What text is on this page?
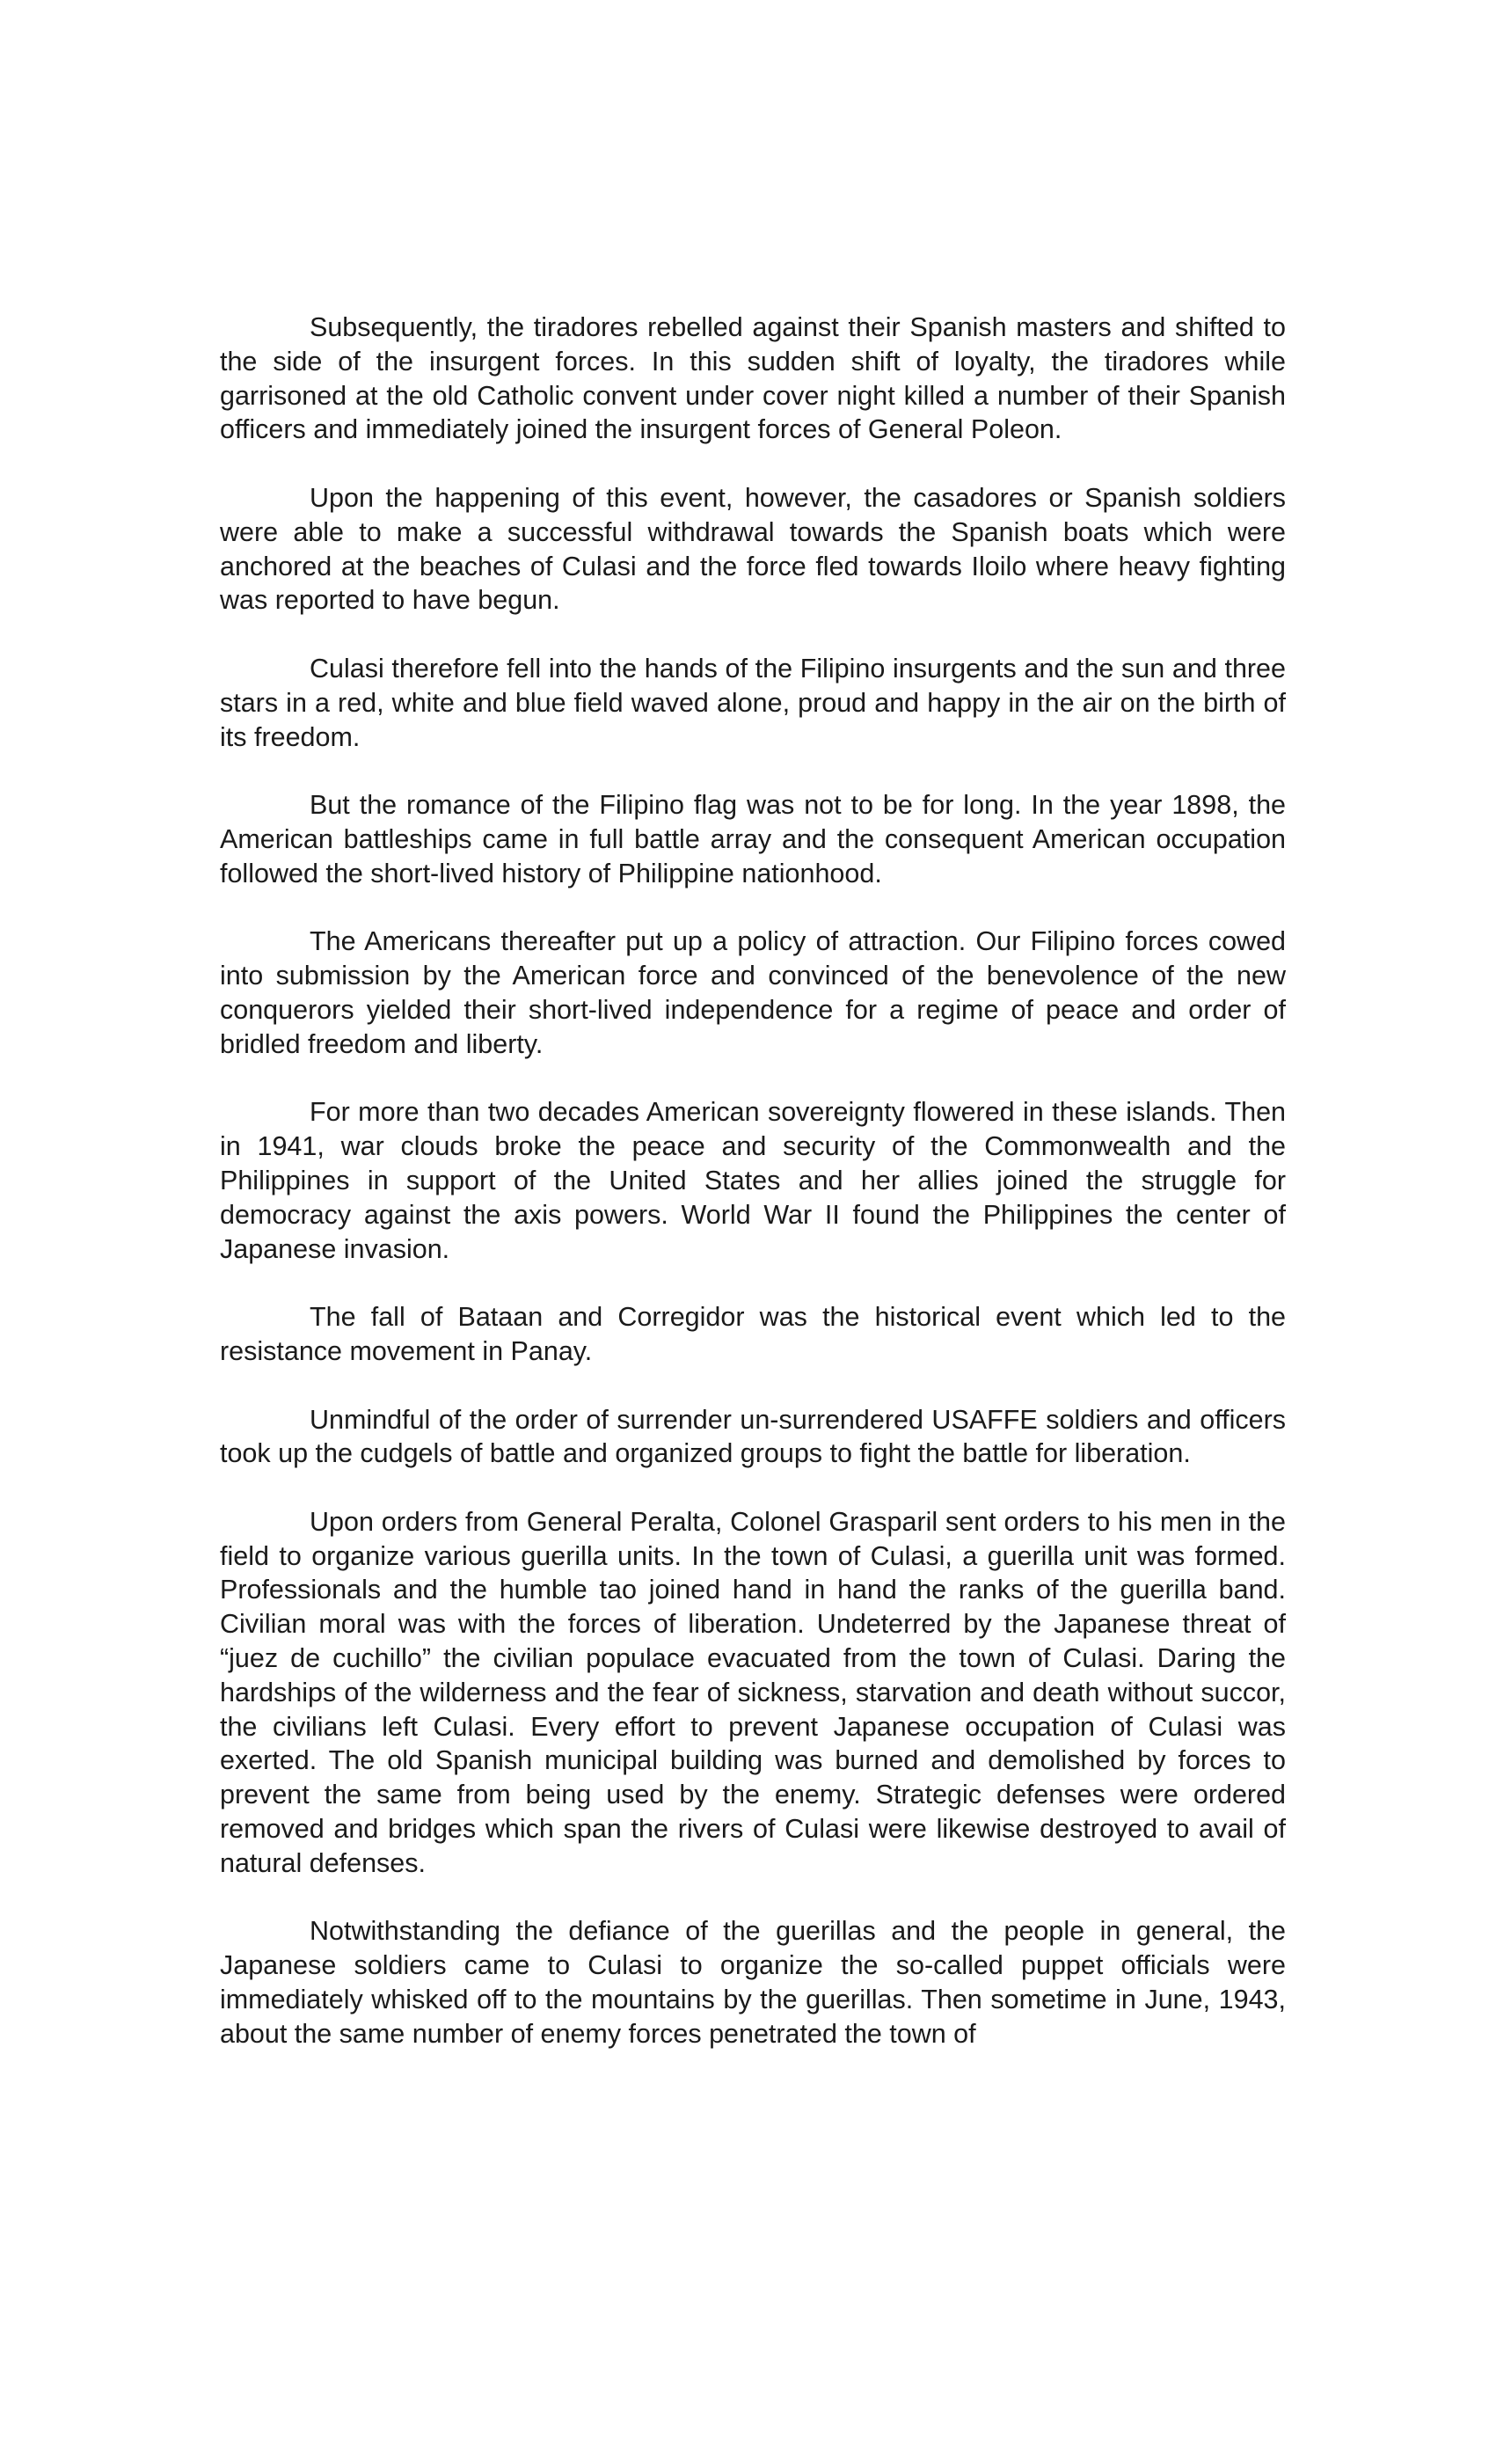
Subsequently, the tiradores rebelled against their Spanish masters and shifted to the side of the insurgent forces. In this sudden shift of loyalty, the tiradores while garrisoned at the old Catholic convent under cover night killed a number of their Spanish officers and immediately joined the insurgent forces of General Poleon.

Upon the happening of this event, however, the casadores or Spanish soldiers were able to make a successful withdrawal towards the Spanish boats which were anchored at the beaches of Culasi and the force fled towards Iloilo where heavy fighting was reported to have begun.

Culasi therefore fell into the hands of the Filipino insurgents and the sun and three stars in a red, white and blue field waved alone, proud and happy in the air on the birth of its freedom.

But the romance of the Filipino flag was not to be for long. In the year 1898, the American battleships came in full battle array and the consequent American occupation followed the short-lived history of Philippine nationhood.

The Americans thereafter put up a policy of attraction. Our Filipino forces cowed into submission by the American force and convinced of the benevolence of the new conquerors yielded their short-lived independence for a regime of peace and order of bridled freedom and liberty.

For more than two decades American sovereignty flowered in these islands. Then in 1941, war clouds broke the peace and security of the Commonwealth and the Philippines in support of the United States and her allies joined the struggle for democracy against the axis powers. World War II found the Philippines the center of Japanese invasion.

The fall of Bataan and Corregidor was the historical event which led to the resistance movement in Panay.

Unmindful of the order of surrender un-surrendered USAFFE soldiers and officers took up the cudgels of battle and organized groups to fight the battle for liberation.

Upon orders from General Peralta, Colonel Grasparil sent orders to his men in the field to organize various guerilla units. In the town of Culasi, a guerilla unit was formed. Professionals and the humble tao joined hand in hand the ranks of the guerilla band. Civilian moral was with the forces of liberation. Undeterred by the Japanese threat of “juez de cuchillo” the civilian populace evacuated from the town of Culasi. Daring the hardships of the wilderness and the fear of sickness, starvation and death without succor, the civilians left Culasi. Every effort to prevent Japanese occupation of Culasi was exerted. The old Spanish municipal building was burned and demolished by forces to prevent the same from being used by the enemy. Strategic defenses were ordered removed and bridges which span the rivers of Culasi were likewise destroyed to avail of natural defenses.

Notwithstanding the defiance of the guerillas and the people in general, the Japanese soldiers came to Culasi to organize the so-called puppet officials were immediately whisked off to the mountains by the guerillas. Then sometime in June, 1943, about the same number of enemy forces penetrated the town of
